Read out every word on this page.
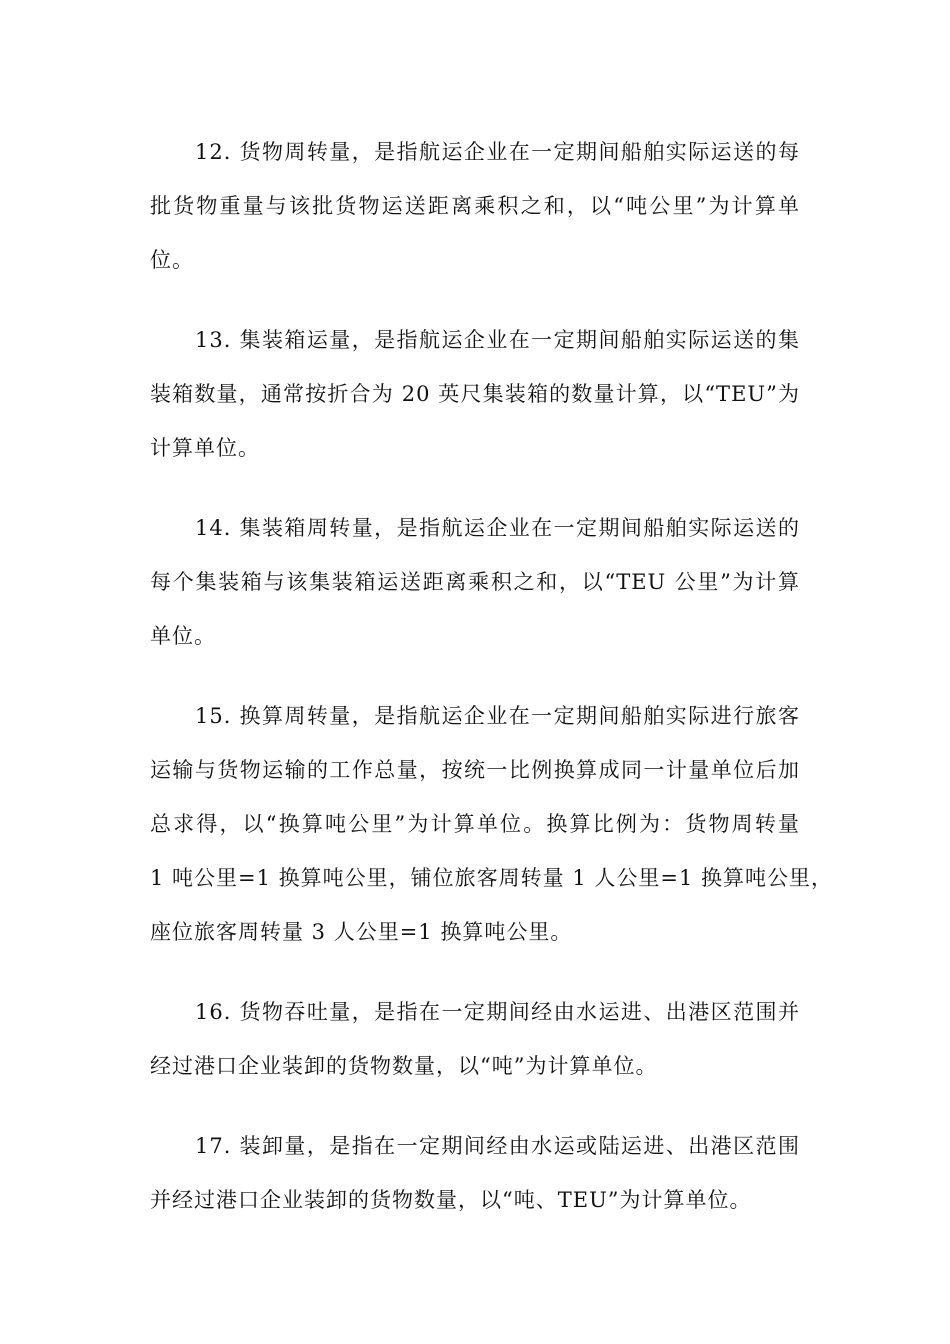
12. 货物周转量，是指航运企业在一定期间船舶实际运送的每
批货物重量与该批货物运送距离乘积之和，以“吨公里”为计算单
位。

13. 集装箱运量，是指航运企业在一定期间船舶实际运送的集
装箱数量，通常按折合为 20 英尺集装箱的数量计算，以“TEU”为
计算单位。

14. 集装箱周转量，是指航运企业在一定期间船舶实际运送的
每个集装箱与该集装箱运送距离乘积之和，以“TEU 公里”为计算
单位。

15. 换算周转量，是指航运企业在一定期间船舶实际进行旅客
运输与货物运输的工作总量，按统一比例换算成同一计量单位后加
总求得，以“换算吨公里”为计算单位。换算比例为：货物周转量
1 吨公里=1 换算吨公里，铺位旅客周转量 1 人公里=1 换算吨公里，
座位旅客周转量 3 人公里=1 换算吨公里。

16. 货物吞吐量，是指在一定期间经由水运进、出港区范围并
经过港口企业装卸的货物数量，以“吨”为计算单位。

17. 装卸量，是指在一定期间经由水运或陆运进、出港区范围
并经过港口企业装卸的货物数量，以“吨、TEU”为计算单位。
